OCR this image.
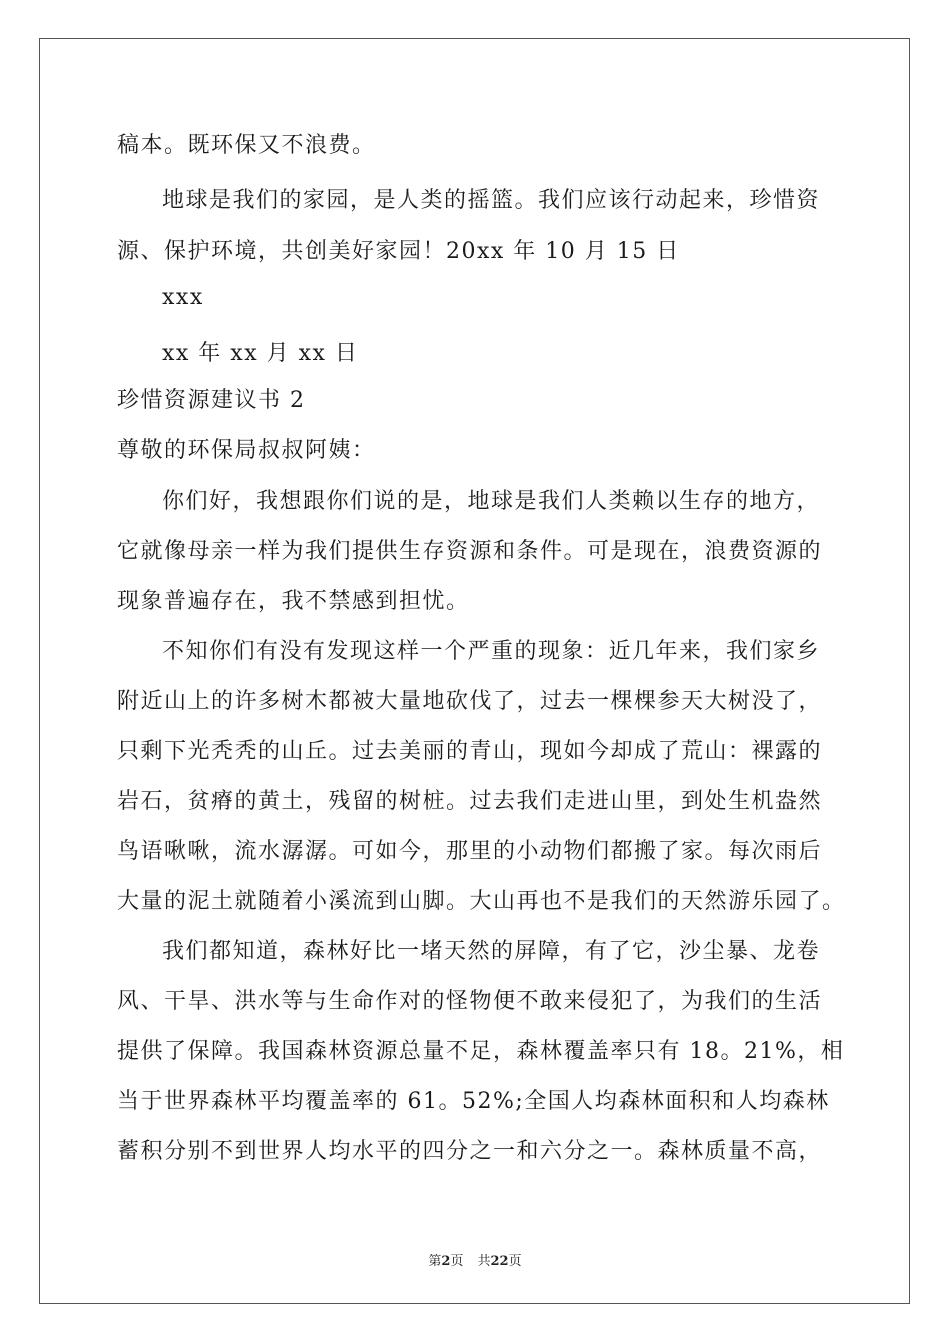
稿本。既环保又不浪费。
地球是我们的家园，是人类的摇篮。我们应该行动起来，珍惜资
源、保护环境，共创美好家园！20xx 年 10 月 15 日
xxx
xx 年 xx 月 xx 日
珍惜资源建议书 2
尊敬的环保局叔叔阿姨：
你们好，我想跟你们说的是，地球是我们人类赖以生存的地方，
它就像母亲一样为我们提供生存资源和条件。可是现在，浪费资源的
现象普遍存在，我不禁感到担忧。
不知你们有没有发现这样一个严重的现象：近几年来，我们家乡
附近山上的许多树木都被大量地砍伐了，过去一棵棵参天大树没了，
只剩下光秃秃的山丘。过去美丽的青山，现如今却成了荒山：裸露的
岩石，贫瘠的黄土，残留的树桩。过去我们走进山里，到处生机盎然
鸟语啾啾，流水潺潺。可如今，那里的小动物们都搬了家。每次雨后
大量的泥土就随着小溪流到山脚。大山再也不是我们的天然游乐园了。
我们都知道，森林好比一堵天然的屏障，有了它，沙尘暴、龙卷
风、干旱、洪水等与生命作对的怪物便不敢来侵犯了，为我们的生活
提供了保障。我国森林资源总量不足，森林覆盖率只有 18。21%，相
当于世界森林平均覆盖率的 61。52%;全国人均森林面积和人均森林
蓄积分别不到世界人均水平的四分之一和六分之一。森林质量不高，
第2页 共22页
